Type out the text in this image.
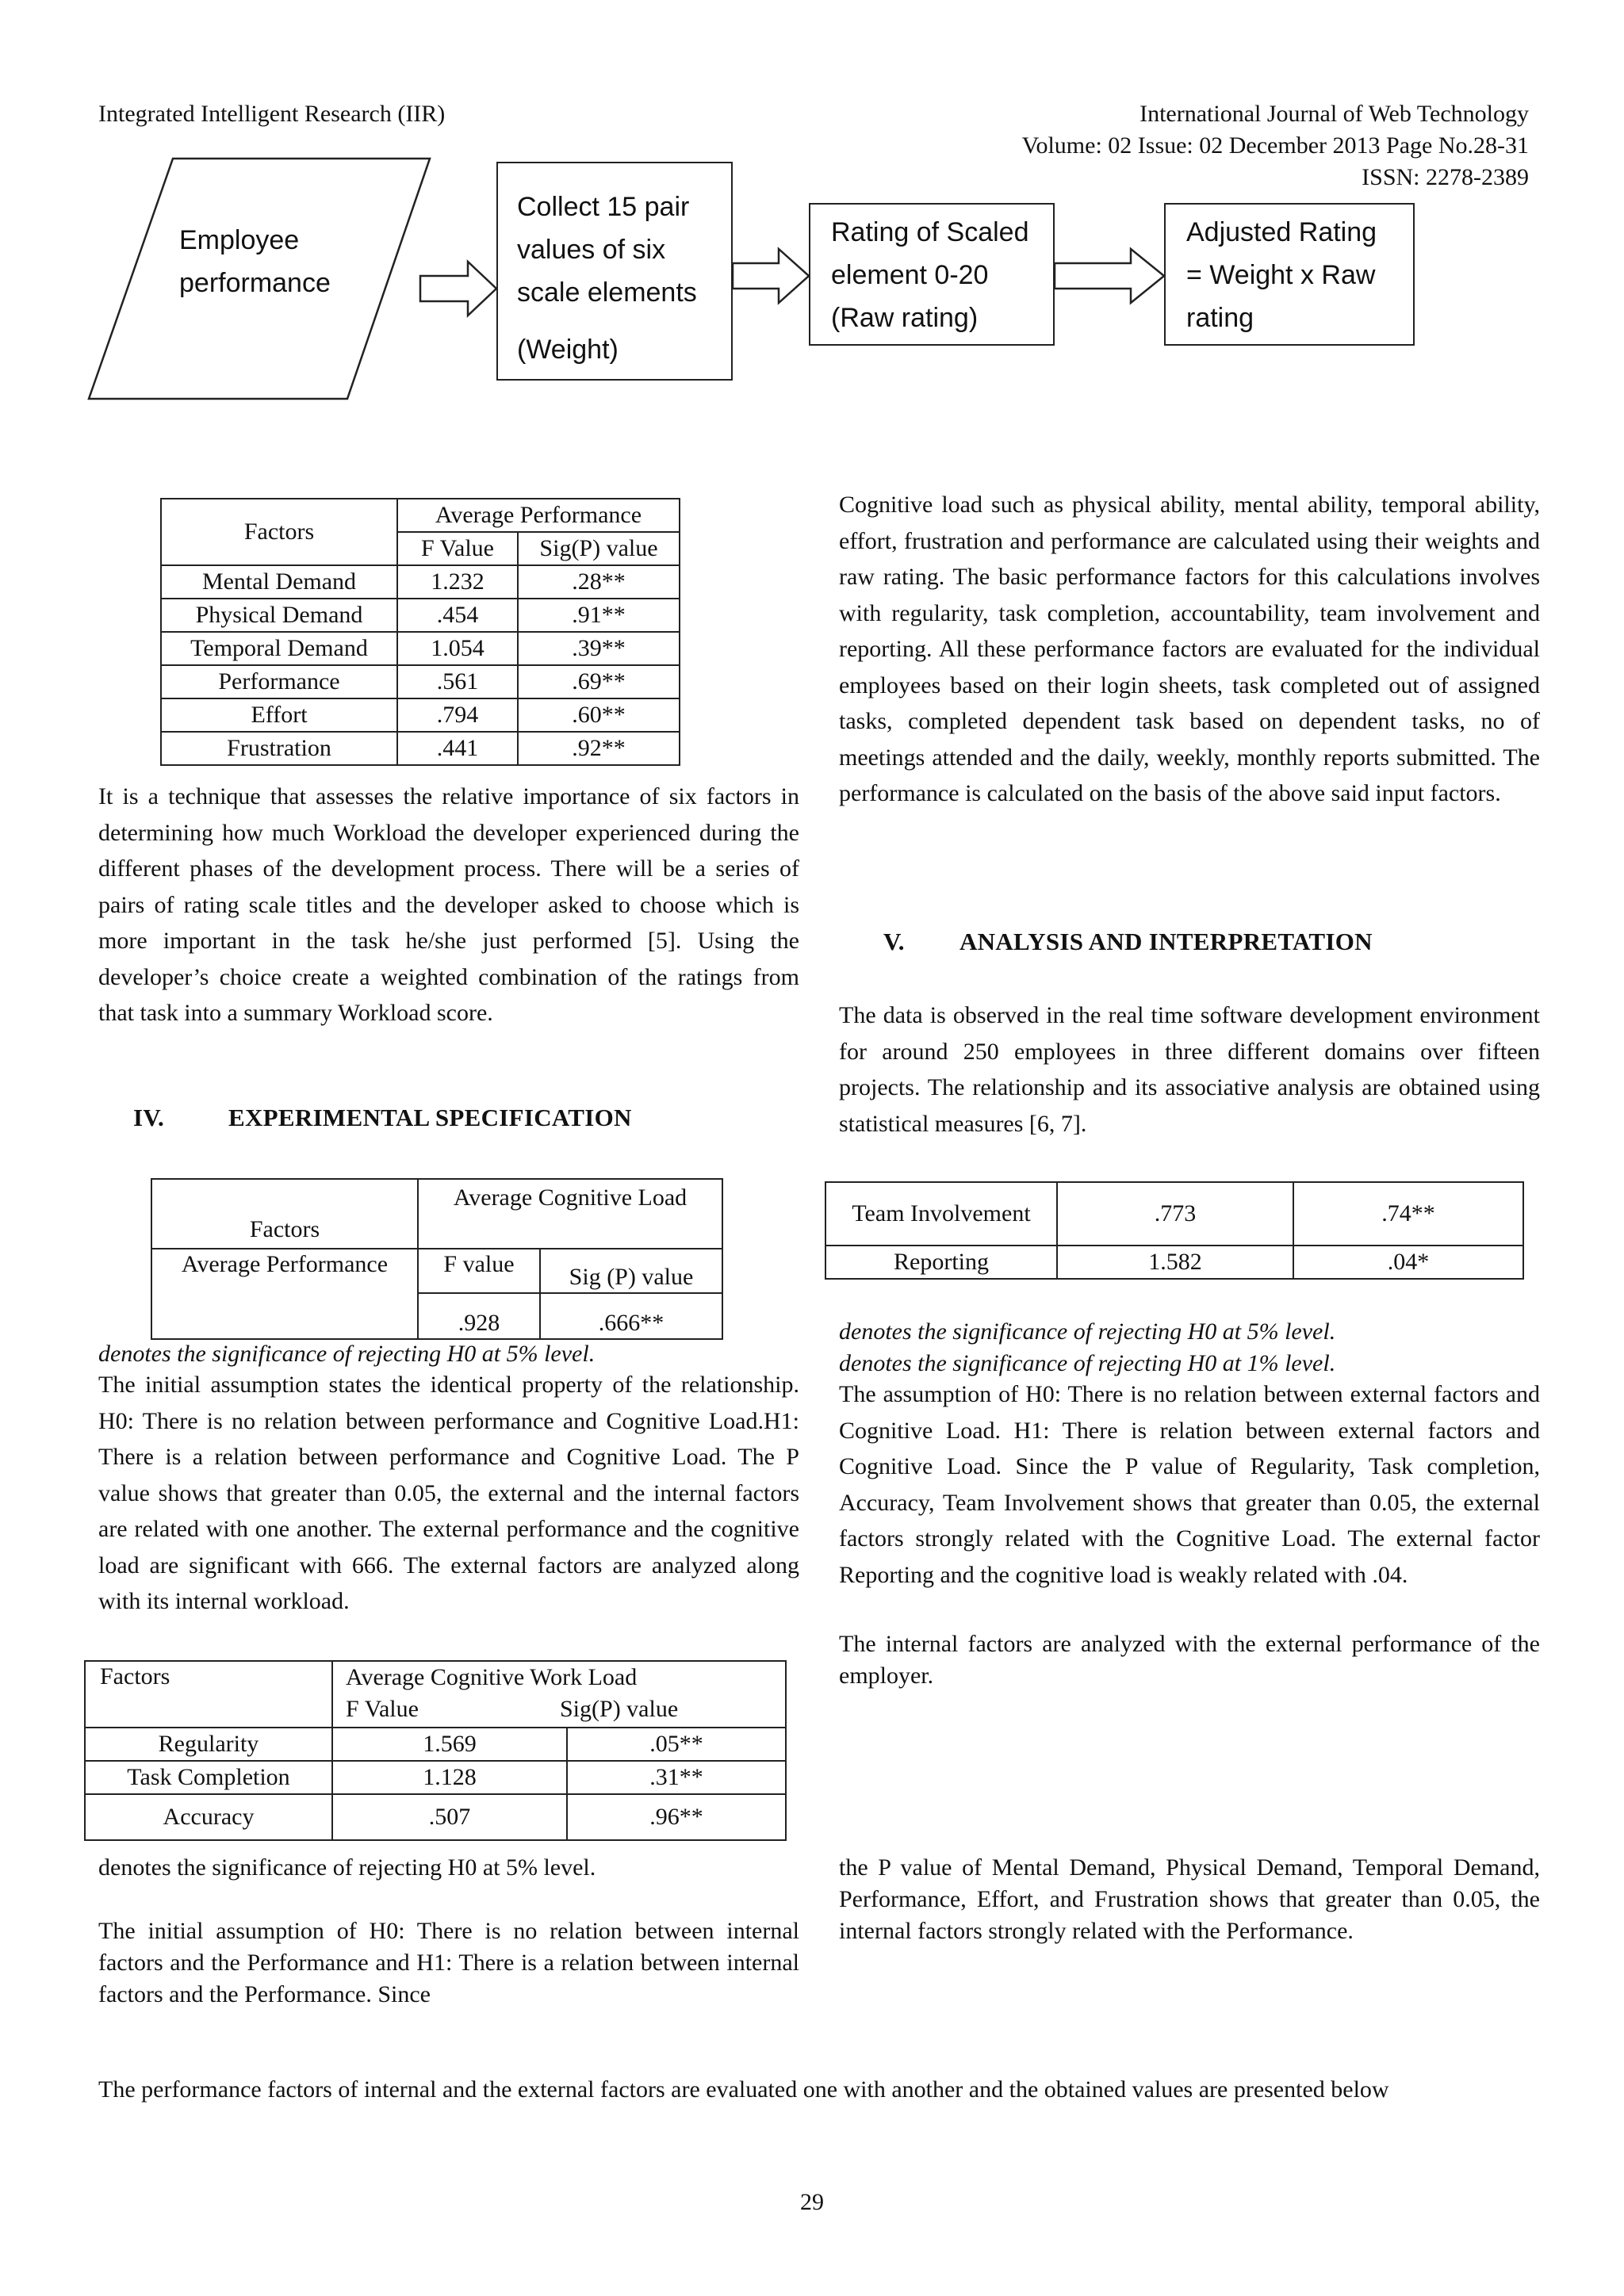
Integrated Intelligent Research (IIR)	International Journal of Web Technology
Volume: 02 Issue: 02 December 2013 Page No.28-31
ISSN: 2278-2389
Employee
performance
Collect 15 pair
values of six
scale elements
(Weight)
Rating of Scaled
element 0-20
(Raw rating)
Adjusted Rating
= Weight x Raw
rating
Factors	Average Performance	
	F Value	Sig(P) value
Mental Demand	1.232	.28**
Physical Demand	.454	.91**
Temporal Demand	1.054	.39**
Performance	.561	.69**
Effort	.794	.60**
Frustration	.441	.92**
It is a technique that assesses the relative importance of six factors in determining how much Workload the developer experienced during the different phases of the development process. There will be a series of pairs of rating scale titles and the developer asked to choose which is more important in the task he/she just performed [5]. Using the developer’s choice create a weighted combination of the ratings from that task into a summary Workload score.
IV.	EXPERIMENTAL SPECIFICATION
Factors	Average Cognitive Load	
Average Performance	F value	Sig (P) value
	.928	.666**
denotes the significance of rejecting H0 at 5% level.
The initial assumption states the identical property of the relationship. H0: There is no relation between performance and Cognitive Load.H1: There is a relation between performance and Cognitive Load. The P value shows that greater than 0.05, the external and the internal factors are related with one another. The external performance and the cognitive load are significant with 666. The external factors are analyzed along with its internal workload.
Factors	Average Cognitive Work Load
F Value Sig(P) value	

Regularity	1.569	.05**
Task Completion	1.128	.31**
Accuracy	.507	.96**
denotes the significance of rejecting H0 at 5% level.
The initial assumption of H0: There is no relation between internal factors and the Performance and H1: There is a relation between internal factors and the Performance. Since
Cognitive load such as physical ability, mental ability, temporal ability, effort, frustration and performance are calculated using their weights and raw rating. The basic performance factors for this calculations involves with regularity, task completion, accountability, team involvement and reporting. All these performance factors are evaluated for the individual employees based on their login sheets, task completed out of assigned tasks, completed dependent task based on dependent tasks, no of meetings attended and the daily, weekly, monthly reports submitted. The performance is calculated on the basis of the above said input factors.
V. ANALYSIS AND INTERPRETATION
The data is observed in the real time software development environment for around 250 employees in three different domains over fifteen projects. The relationship and its associative analysis are obtained using statistical measures [6, 7].
Team Involvement	.773	.74**
Reporting	1.582	.04*
denotes the significance of rejecting H0 at 5% level.
denotes the significance of rejecting H0 at 1% level.
The assumption of H0: There is no relation between external factors and Cognitive Load. H1: There is relation between external factors and Cognitive Load. Since the P value of Regularity, Task completion, Accuracy, Team Involvement shows that greater than 0.05, the external factors strongly related with the Cognitive Load. The external factor Reporting and the cognitive load is weakly related with .04.
The internal factors are analyzed with the external performance of the employer.
the P value of Mental Demand, Physical Demand, Temporal Demand, Performance, Effort, and Frustration shows that greater than 0.05, the internal factors strongly related with the Performance.
The performance factors of internal and the external factors are evaluated one with another and the obtained values are presented below
29
